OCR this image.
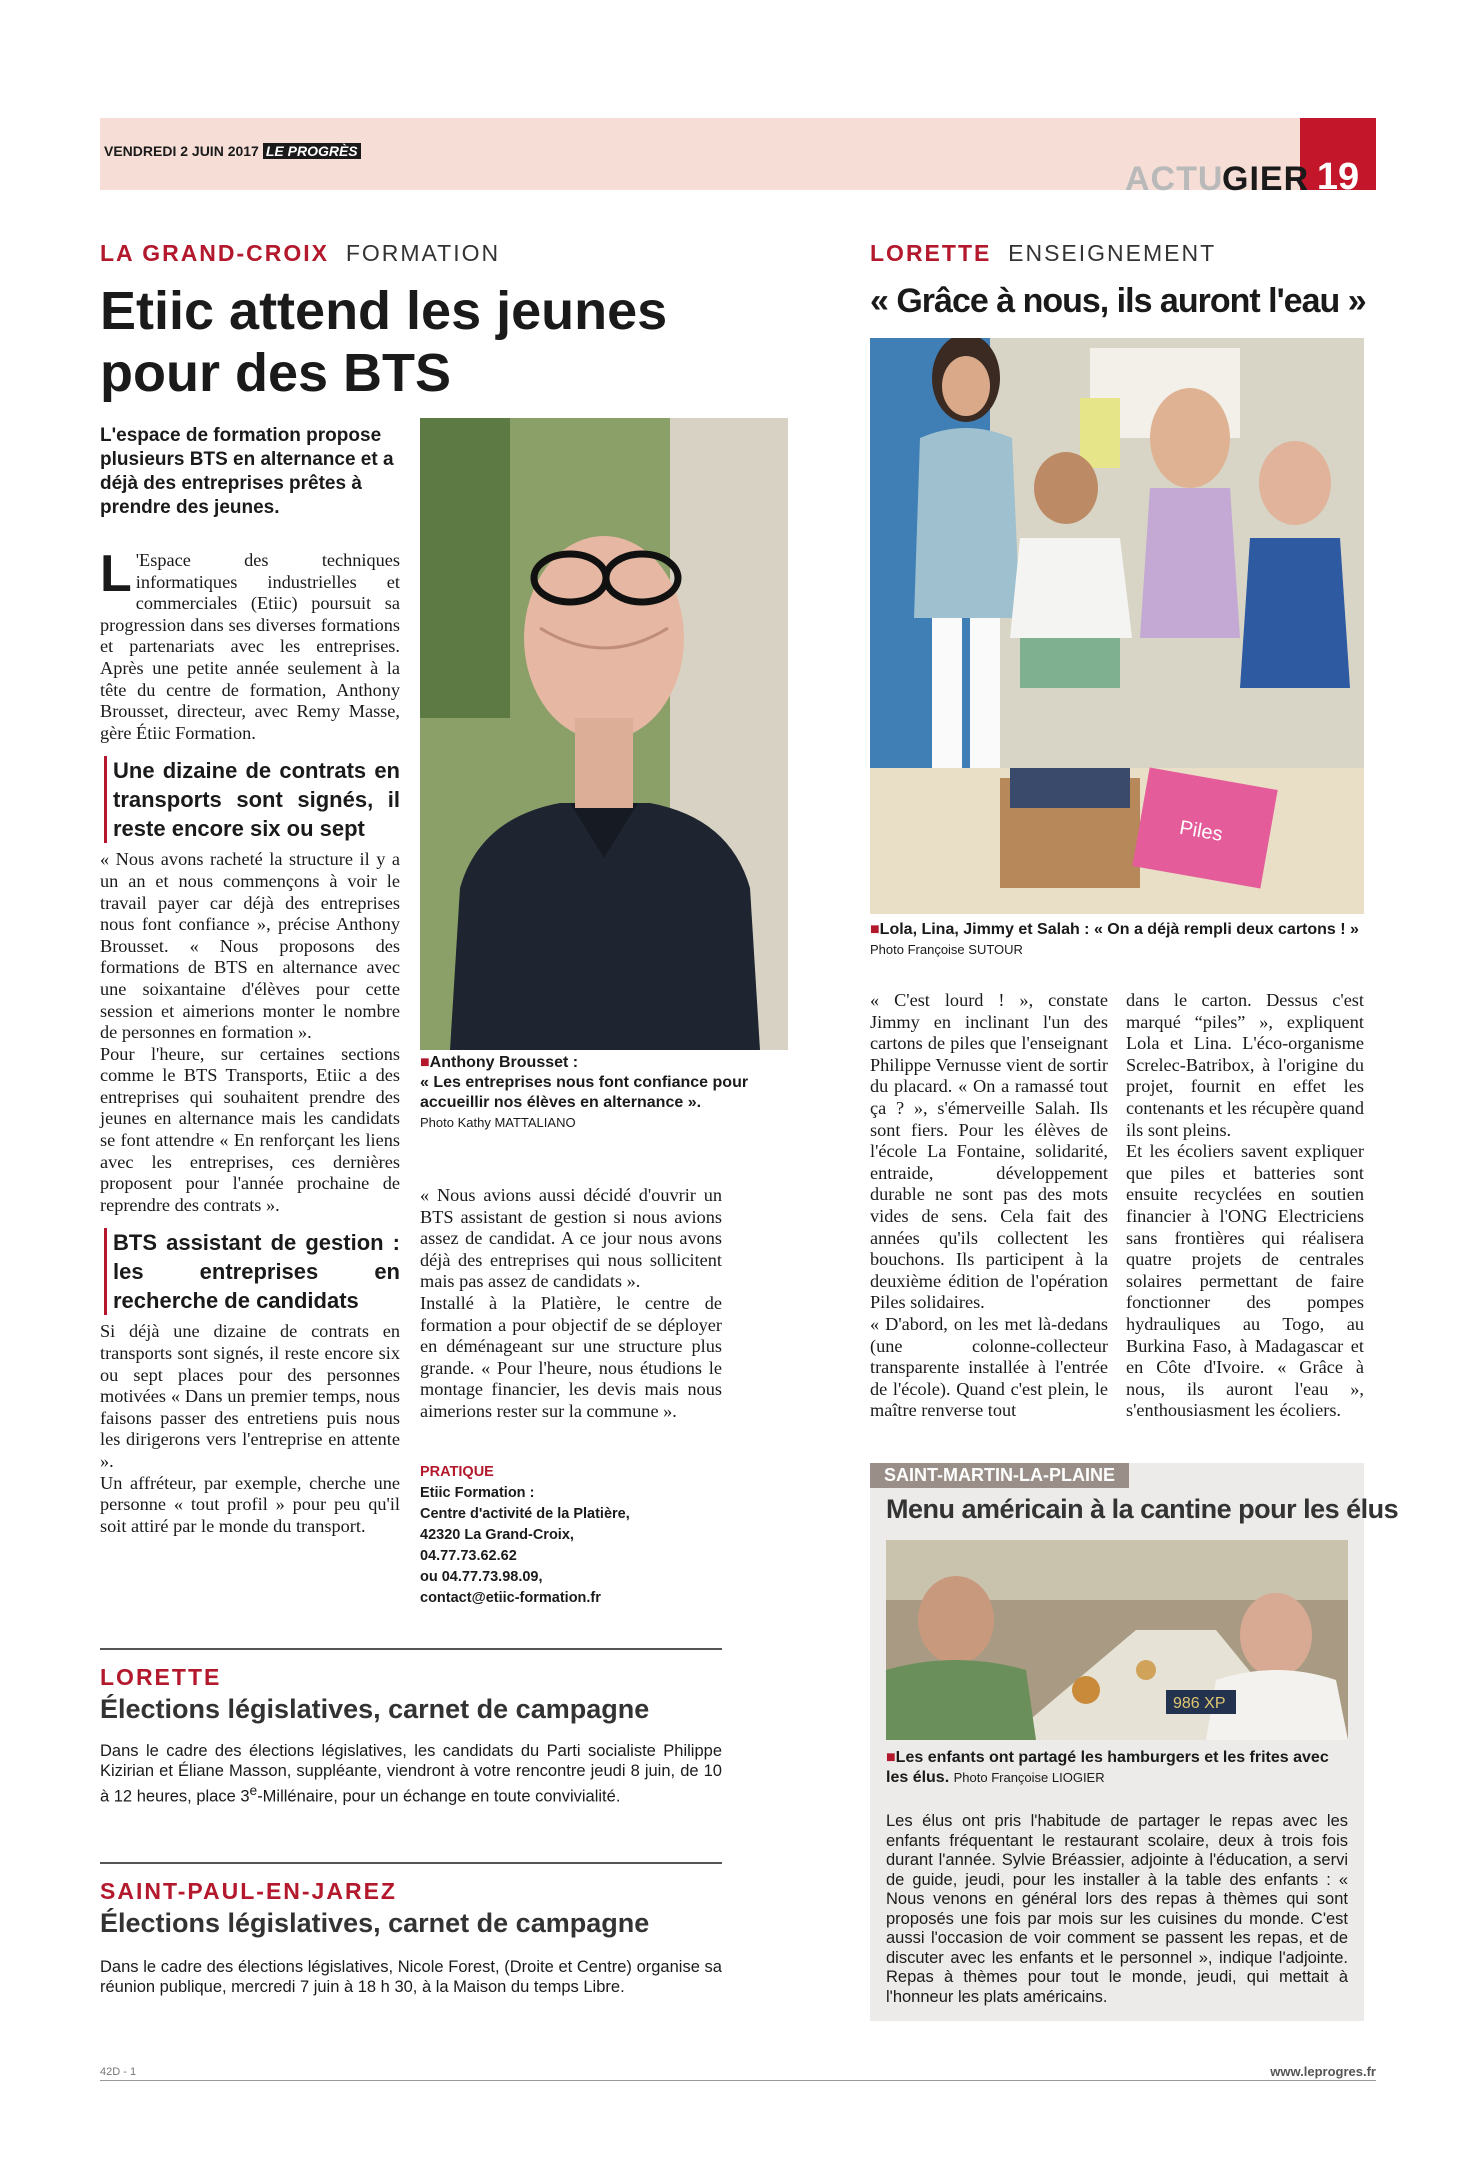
VENDREDI 2 JUIN 2017 LE PROGRÈS
ACTU
GIER 19
LA GRAND-CROIX FORMATION
Etiic attend les jeunes
pour des BTS
L'espace de formation propose plusieurs BTS en alternance et a déjà des entreprises prêtes à prendre des jeunes.
L 'Espace des techniques informatiques industrielles et commerciales (Etiic) poursuit sa progression dans ses diverses formations et partenariats avec les entreprises. Après une petite année seulement à la tête du centre de formation, Anthony Brousset, directeur, avec Remy Masse, gère Étiic Formation.
Une dizaine de contrats en transports sont signés, il reste encore six ou sept
« Nous avons racheté la structure il y a un an et nous commençons à voir le travail payer car déjà des entreprises nous font confiance », précise Anthony Brousset. « Nous proposons des formations de BTS en alternance avec une soixantaine d'élèves pour cette session et aimerions monter le nombre de personnes en formation ».
Pour l'heure, sur certaines sections comme le BTS Transports, Etiic a des entreprises qui souhaitent prendre des jeunes en alternance mais les candidats se font attendre « En renforçant les liens avec les entreprises, ces dernières proposent pour l'année prochaine de reprendre des contrats ».
BTS assistant de gestion : les entreprises en recherche de candidats
Si déjà une dizaine de contrats en transports sont signés, il reste encore six ou sept places pour des personnes motivées « Dans un premier temps, nous faisons passer des entretiens puis nous les dirigerons vers l'entreprise en attente ».
Un affréteur, par exemple, cherche une personne « tout profil » pour peu qu'il soit attiré par le monde du transport.
■Anthony Brousset :
« Les entreprises nous font confiance pour accueillir nos élèves en alternance ».
Photo Kathy MATTALIANO
« Nous avions aussi décidé d'ouvrir un BTS assistant de gestion si nous avions assez de candidat. A ce jour nous avons déjà des entreprises qui nous sollicitent mais pas assez de candidats ».
Installé à la Platière, le centre de formation a pour objectif de se déployer en déménageant sur une structure plus grande. « Pour l'heure, nous étudions le montage financier, les devis mais nous aimerions rester sur la commune ».
PRATIQUE
Etiic Formation :
Centre d'activité de la Platière,
42320 La Grand-Croix,
04.77.73.62.62
ou 04.77.73.98.09,
contact@etiic-formation.fr
LORETTE
Élections législatives, carnet de campagne
Dans le cadre des élections législatives, les candidats du Parti socialiste Philippe Kizirian et Éliane Masson, suppléante, viendront à votre rencontre jeudi 8 juin, de 10 à 12 heures, place 3e-Millénaire, pour un échange en toute convivialité.
SAINT-PAUL-EN-JAREZ
Élections législatives, carnet de campagne
Dans le cadre des élections législatives, Nicole Forest, (Droite et Centre) organise sa réunion publique, mercredi 7 juin à 18 h 30, à la Maison du temps Libre.
LORETTE ENSEIGNEMENT
« Grâce à nous, ils auront l'eau »
Piles
■Lola, Lina, Jimmy et Salah : « On a déjà rempli deux cartons ! » Photo Françoise SUTOUR
« C'est lourd ! », constate Jimmy en inclinant l'un des cartons de piles que l'enseignant Philippe Vernusse vient de sortir du placard. « On a ramassé tout ça ? », s'émerveille Salah. Ils sont fiers. Pour les élèves de l'école La Fontaine, solidarité, entraide, développement durable ne sont pas des mots vides de sens. Cela fait des années qu'ils collectent les bouchons. Ils participent à la deuxième édition de l'opération Piles solidaires.
« D'abord, on les met là-dedans (une colonne-collecteur transparente installée à l'entrée de l'école). Quand c'est plein, le maître renverse tout
dans le carton. Dessus c'est marqué “piles” », expliquent Lola et Lina. L'éco-organisme Screlec-Batribox, à l'origine du projet, fournit en effet les contenants et les récupère quand ils sont pleins.
Et les écoliers savent expliquer que piles et batteries sont ensuite recyclées en soutien financier à l'ONG Electriciens sans frontières qui réalisera quatre projets de centrales solaires permettant de faire fonctionner des pompes hydrauliques au Togo, au Burkina Faso, à Madagascar et en Côte d'Ivoire. « Grâce à nous, ils auront l'eau », s'enthousiasment les écoliers.
SAINT-MARTIN-LA-PLAINE
Menu américain à la cantine pour les élus
986 XP
■Les enfants ont partagé les hamburgers et les frites avec les élus. Photo Françoise LIOGIER
Les élus ont pris l'habitude de partager le repas avec les enfants fréquentant le restaurant scolaire, deux à trois fois durant l'année. Sylvie Bréassier, adjointe à l'éducation, a servi de guide, jeudi, pour les installer à la table des enfants : « Nous venons en général lors des repas à thèmes qui sont proposés une fois par mois sur les cuisines du monde. C'est aussi l'occasion de voir comment se passent les repas, et de discuter avec les enfants et le personnel », indique l'adjointe. Repas à thèmes pour tout le monde, jeudi, qui mettait à l'honneur les plats américains.
42D - 1	www.leprogres.fr
